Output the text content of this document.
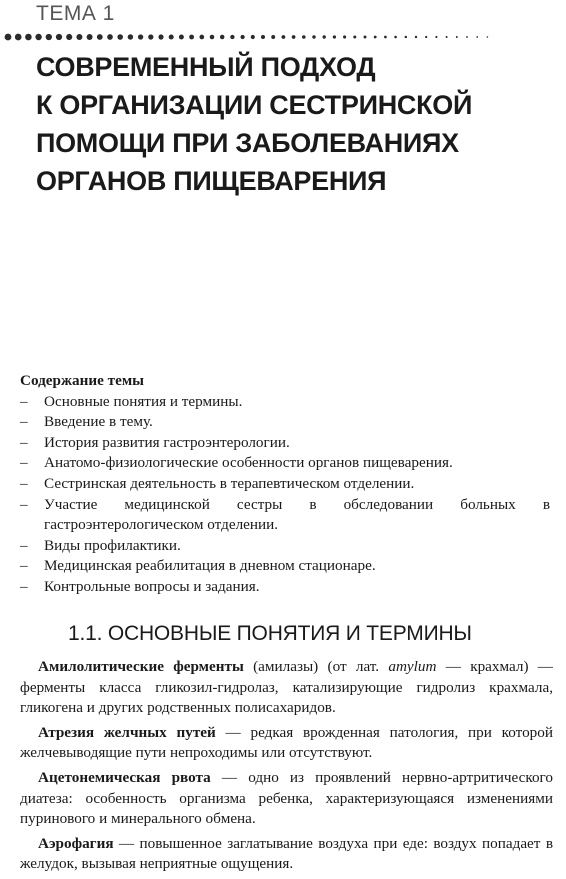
ТЕМА 1
СОВРЕМЕННЫЙ ПОДХОД
К ОРГАНИЗАЦИИ СЕСТРИНСКОЙ
ПОМОЩИ ПРИ ЗАБОЛЕВАНИЯХ
ОРГАНОВ ПИЩЕВАРЕНИЯ

Содержание темы

– Основные понятия и термины.
– Введение в тему.
– История развития гастроэнтерологии.
– Анатомо-физиологические особенности органов пищеварения.
– Сестринская деятельность в терапевтическом отделении.
– Участие медицинской сестры в обследовании больных в гастроэнтерологическом отделении.
– Виды профилактики.
– Медицинская реабилитация в дневном стационаре.
– Контрольные вопросы и задания.
1.1. ОСНОВНЫЕ ПОНЯТИЯ И ТЕРМИНЫ

Амилолитические ферменты (амилазы) (от лат. amylum — крахмал) — ферменты класса гликозил-гидролаз, катализирующие гидролиз крахмала, гликогена и других родственных полисахаридов.

Атрезия желчных путей — редкая врожденная патология, при которой желчевыводящие пути непроходимы или отсутствуют.

Ацетонемическая рвота — одно из проявлений нервно-артритического диатеза: особенность организма ребенка, характеризующаяся изменениями пуринового и минерального обмена.

Аэрофагия — повышенное заглатывание воздуха при еде: воздух попадает в желудок, вызывая неприятные ощущения.
